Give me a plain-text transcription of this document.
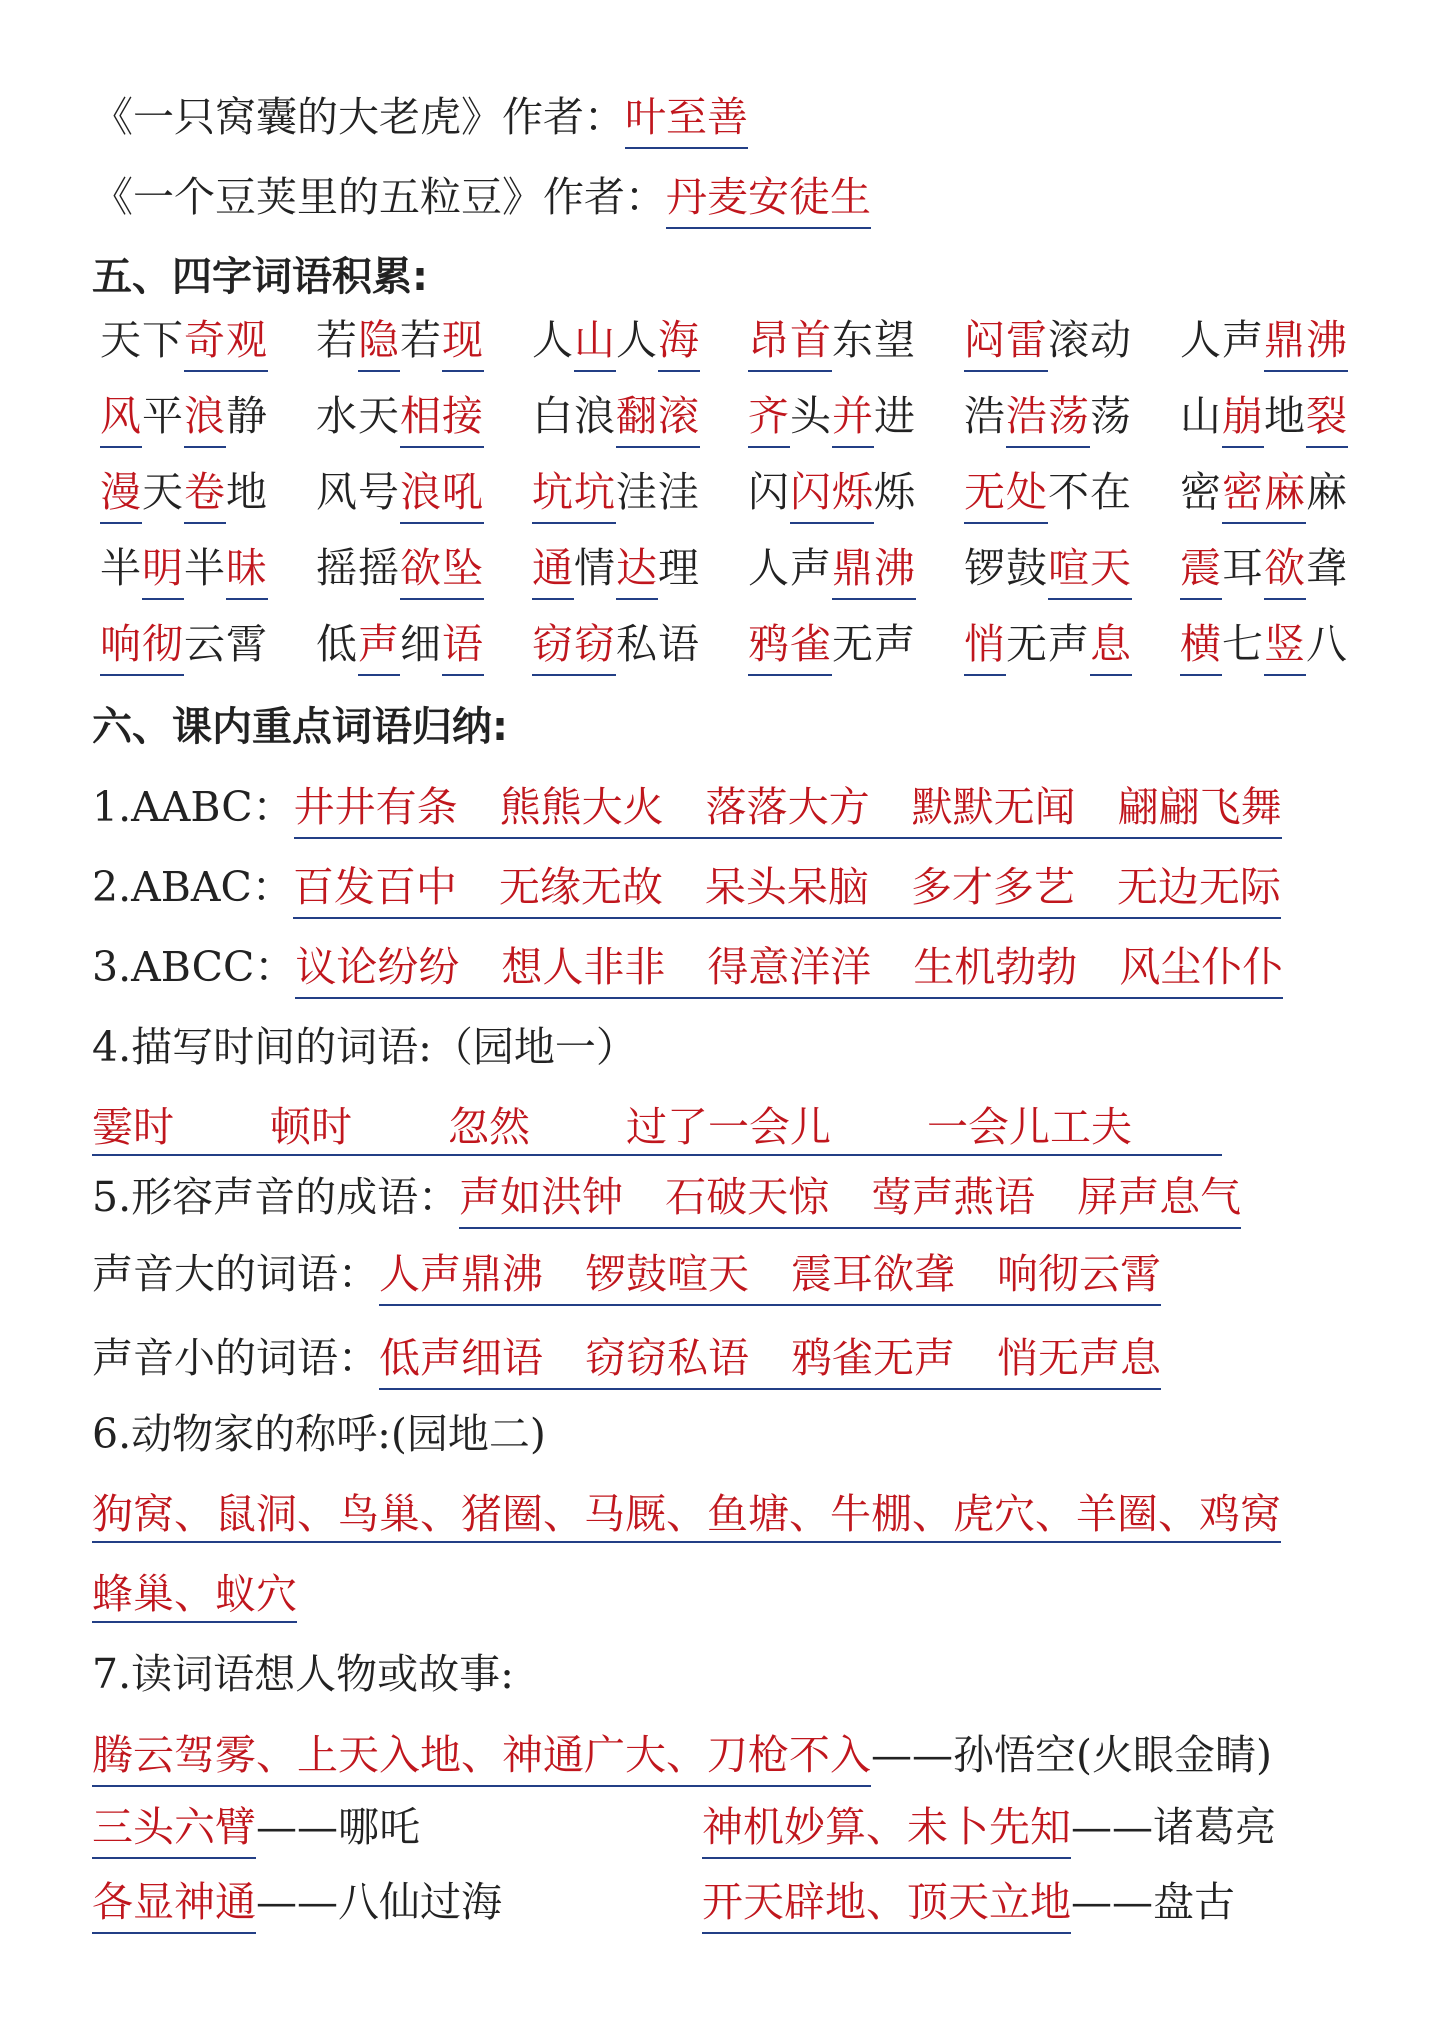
《一只窝囊的大老虎》作者：叶至善
《一个豆荚里的五粒豆》作者：丹麦安徒生
五、四字词语积累:
天下奇观 若隐若现 人山人海 昂首东望 闷雷滚动 人声鼎沸
风平浪静 水天相接 白浪翻滚 齐头并进 浩浩荡荡 山崩地裂
漫天卷地 风号浪吼 坑坑洼洼 闪闪烁烁 无处不在 密密麻麻
半明半昧 摇摇欲坠 通情达理 人声鼎沸 锣鼓喧天 震耳欲聋
响彻云霄 低声细语 窃窃私语 鸦雀无声 悄无声息 横七竖八
六、课内重点词语归纳:
1.AABC：井井有条 熊熊大火 落落大方 默默无闻 翩翩飞舞
2.ABAC：百发百中 无缘无故 呆头呆脑 多才多艺 无边无际
3.ABCC：议论纷纷 想人非非 得意洋洋 生机勃勃 风尘仆仆
4.描写时间的词语:（园地一）
霎时 顿时 忽然 过了一会儿 一会儿工夫
5.形容声音的成语：声如洪钟 石破天惊 莺声燕语 屏声息气
声音大的词语：人声鼎沸 锣鼓喧天 震耳欲聋 响彻云霄
声音小的词语：低声细语 窃窃私语 鸦雀无声 悄无声息
6.动物家的称呼:(园地二)
狗窝、鼠洞、鸟巢、猪圈、马厩、鱼塘、牛棚、虎穴、羊圈、鸡窝
蜂巢、蚁穴
7.读词语想人物或故事:
腾云驾雾、上天入地、神通广大、刀枪不入——孙悟空(火眼金睛)
三头六臂——哪吒	神机妙算、未卜先知——诸葛亮
各显神通——八仙过海	开天辟地、顶天立地——盘古
